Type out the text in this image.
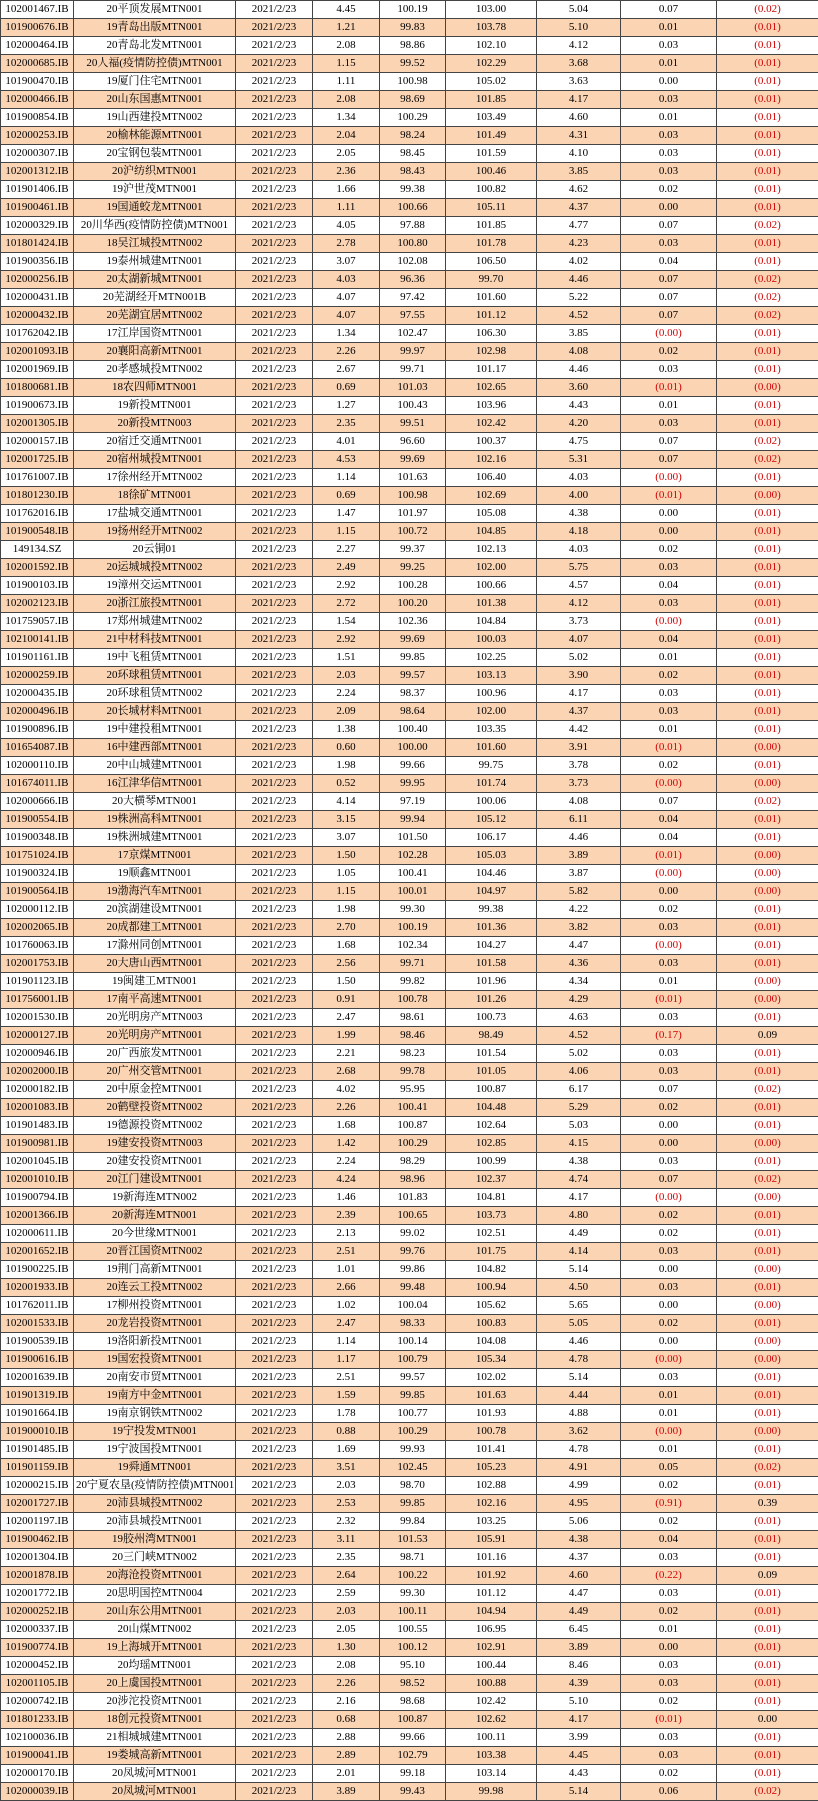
102001467.IB	20平顶发展MTN001	2021/2/23	4.45	100.19	103.00	5.04	0.07	(0.02)
101900676.IB	19青岛出版MTN001	2021/2/23	1.21	99.83	103.78	5.10	0.01	(0.01)
102000464.IB	20青岛北发MTN001	2021/2/23	2.08	98.86	102.10	4.12	0.03	(0.01)
102000685.IB	20人福(疫情防控债)MTN001	2021/2/23	1.15	99.52	102.29	3.68	0.01	(0.01)
101900470.IB	19厦门住宅MTN001	2021/2/23	1.11	100.98	105.02	3.63	0.00	(0.01)
102000466.IB	20山东国惠MTN001	2021/2/23	2.08	98.69	101.85	4.17	0.03	(0.01)
101900854.IB	19山西建投MTN002	2021/2/23	1.34	100.29	103.49	4.60	0.01	(0.01)
102000253.IB	20榆林能源MTN001	2021/2/23	2.04	98.24	101.49	4.31	0.03	(0.01)
102000307.IB	20宝钢包装MTN001	2021/2/23	2.05	98.45	101.59	4.10	0.03	(0.01)
102001312.IB	20沪纺织MTN001	2021/2/23	2.36	98.43	100.46	3.85	0.03	(0.01)
101901406.IB	19沪世茂MTN001	2021/2/23	1.66	99.38	100.82	4.62	0.02	(0.01)
101900461.IB	19国通蛟龙MTN001	2021/2/23	1.11	100.66	105.11	4.37	0.00	(0.01)
102000329.IB	20川华西(疫情防控债)MTN001	2021/2/23	4.05	97.88	101.85	4.77	0.07	(0.02)
101801424.IB	18吴江城投MTN002	2021/2/23	2.78	100.80	101.78	4.23	0.03	(0.01)
101900356.IB	19泰州城建MTN001	2021/2/23	3.07	102.08	106.50	4.02	0.04	(0.01)
102000256.IB	20太湖新城MTN001	2021/2/23	4.03	96.36	99.70	4.46	0.07	(0.02)
102000431.IB	20芜湖经开MTN001B	2021/2/23	4.07	97.42	101.60	5.22	0.07	(0.02)
102000432.IB	20芜湖宜居MTN002	2021/2/23	4.07	97.55	101.12	4.52	0.07	(0.02)
101762042.IB	17江岸国资MTN001	2021/2/23	1.34	102.47	106.30	3.85	(0.00)	(0.01)
102001093.IB	20襄阳高新MTN001	2021/2/23	2.26	99.97	102.98	4.08	0.02	(0.01)
102001969.IB	20孝感城投MTN002	2021/2/23	2.67	99.71	101.17	4.46	0.03	(0.01)
101800681.IB	18农四师MTN001	2021/2/23	0.69	101.03	102.65	3.60	(0.01)	(0.00)
101900673.IB	19新投MTN001	2021/2/23	1.27	100.43	103.96	4.43	0.01	(0.01)
102001305.IB	20新投MTN003	2021/2/23	2.35	99.51	102.42	4.20	0.03	(0.01)
102000157.IB	20宿迁交通MTN001	2021/2/23	4.01	96.60	100.37	4.75	0.07	(0.02)
102001725.IB	20宿州城投MTN001	2021/2/23	4.53	99.69	102.16	5.31	0.07	(0.02)
101761007.IB	17徐州经开MTN002	2021/2/23	1.14	101.63	106.40	4.03	(0.00)	(0.01)
101801230.IB	18徐矿MTN001	2021/2/23	0.69	100.98	102.69	4.00	(0.01)	(0.00)
101762016.IB	17盐城交通MTN001	2021/2/23	1.47	101.97	105.08	4.38	0.00	(0.01)
101900548.IB	19扬州经开MTN002	2021/2/23	1.15	100.72	104.85	4.18	0.00	(0.01)
149134.SZ	20云铜01	2021/2/23	2.27	99.37	102.13	4.03	0.02	(0.01)
102001592.IB	20运城城投MTN002	2021/2/23	2.49	99.25	102.00	5.75	0.03	(0.01)
101900103.IB	19漳州交运MTN001	2021/2/23	2.92	100.28	100.66	4.57	0.04	(0.01)
102002123.IB	20浙江旅投MTN001	2021/2/23	2.72	100.20	101.38	4.12	0.03	(0.01)
101759057.IB	17郑州城建MTN002	2021/2/23	1.54	102.36	104.84	3.73	(0.00)	(0.01)
102100141.IB	21中材科技MTN001	2021/2/23	2.92	99.69	100.03	4.07	0.04	(0.01)
101901161.IB	19中飞租赁MTN001	2021/2/23	1.51	99.85	102.25	5.02	0.01	(0.01)
102000259.IB	20环球租赁MTN001	2021/2/23	2.03	99.57	103.13	3.90	0.02	(0.01)
102000435.IB	20环球租赁MTN002	2021/2/23	2.24	98.37	100.96	4.17	0.03	(0.01)
102000496.IB	20长城材料MTN001	2021/2/23	2.09	98.64	102.00	4.37	0.03	(0.01)
101900896.IB	19中建投租MTN001	2021/2/23	1.38	100.40	103.35	4.42	0.01	(0.01)
101654087.IB	16中建西部MTN001	2021/2/23	0.60	100.00	101.60	3.91	(0.01)	(0.00)
102000110.IB	20中山城建MTN001	2021/2/23	1.98	99.66	99.75	3.78	0.02	(0.01)
101674011.IB	16江津华信MTN001	2021/2/23	0.52	99.95	101.74	3.73	(0.00)	(0.00)
102000666.IB	20大横琴MTN001	2021/2/23	4.14	97.19	100.06	4.08	0.07	(0.02)
101900554.IB	19株洲高科MTN001	2021/2/23	3.15	99.94	105.12	6.11	0.04	(0.01)
101900348.IB	19株洲城建MTN001	2021/2/23	3.07	101.50	106.17	4.46	0.04	(0.01)
101751024.IB	17京煤MTN001	2021/2/23	1.50	102.28	105.03	3.89	(0.01)	(0.00)
101900324.IB	19顺鑫MTN001	2021/2/23	1.05	100.41	104.46	3.87	(0.00)	(0.00)
101900564.IB	19渤海汽车MTN001	2021/2/23	1.15	100.01	104.97	5.82	0.00	(0.00)
102000112.IB	20滨湖建设MTN001	2021/2/23	1.98	99.30	99.38	4.22	0.02	(0.01)
102002065.IB	20成都建工MTN001	2021/2/23	2.70	100.19	101.36	3.82	0.03	(0.01)
101760063.IB	17滁州同创MTN001	2021/2/23	1.68	102.34	104.27	4.47	(0.00)	(0.01)
102001753.IB	20大唐山西MTN001	2021/2/23	2.56	99.71	101.58	4.36	0.03	(0.01)
101901123.IB	19闽建工MTN001	2021/2/23	1.50	99.82	101.96	4.34	0.01	(0.00)
101756001.IB	17南平高速MTN001	2021/2/23	0.91	100.78	101.26	4.29	(0.01)	(0.00)
102001530.IB	20光明房产MTN003	2021/2/23	2.47	98.61	100.73	4.63	0.03	(0.01)
102000127.IB	20光明房产MTN001	2021/2/23	1.99	98.46	98.49	4.52	(0.17)	0.09
102000946.IB	20广西旅发MTN001	2021/2/23	2.21	98.23	101.54	5.02	0.03	(0.01)
102002000.IB	20广州交管MTN001	2021/2/23	2.68	99.78	101.05	4.06	0.03	(0.01)
102000182.IB	20中原金控MTN001	2021/2/23	4.02	95.95	100.87	6.17	0.07	(0.02)
102001083.IB	20鹤壁投资MTN002	2021/2/23	2.26	100.41	104.48	5.29	0.02	(0.01)
101901483.IB	19德源投资MTN002	2021/2/23	1.68	100.87	102.64	5.03	0.00	(0.01)
101900981.IB	19建安投资MTN003	2021/2/23	1.42	100.29	102.85	4.15	0.00	(0.00)
102001045.IB	20建安投资MTN001	2021/2/23	2.24	98.29	100.99	4.38	0.03	(0.01)
102001010.IB	20江门建设MTN001	2021/2/23	4.24	98.96	102.37	4.74	0.07	(0.02)
101900794.IB	19新海连MTN002	2021/2/23	1.46	101.83	104.81	4.17	(0.00)	(0.00)
102001366.IB	20新海连MTN001	2021/2/23	2.39	100.65	103.73	4.80	0.02	(0.01)
102000611.IB	20今世缘MTN001	2021/2/23	2.13	99.02	102.51	4.49	0.02	(0.01)
102001652.IB	20晋江国资MTN002	2021/2/23	2.51	99.76	101.75	4.14	0.03	(0.01)
101900225.IB	19荆门高新MTN001	2021/2/23	1.01	99.86	104.82	5.14	0.00	(0.00)
102001933.IB	20连云工投MTN002	2021/2/23	2.66	99.48	100.94	4.50	0.03	(0.01)
101762011.IB	17柳州投资MTN001	2021/2/23	1.02	100.04	105.62	5.65	0.00	(0.00)
102001533.IB	20龙岩投资MTN001	2021/2/23	2.47	98.33	100.83	5.05	0.02	(0.01)
101900539.IB	19洛阳新投MTN001	2021/2/23	1.14	100.14	104.08	4.46	0.00	(0.00)
101900616.IB	19国宏投资MTN001	2021/2/23	1.17	100.79	105.34	4.78	(0.00)	(0.00)
102001639.IB	20南安市贸MTN001	2021/2/23	2.51	99.57	102.02	5.14	0.03	(0.01)
101901319.IB	19南方中金MTN001	2021/2/23	1.59	99.85	101.63	4.44	0.01	(0.01)
101901664.IB	19南京钢铁MTN002	2021/2/23	1.78	100.77	101.93	4.88	0.01	(0.01)
101900010.IB	19宁投发MTN001	2021/2/23	0.88	100.29	100.78	3.62	(0.00)	(0.00)
101901485.IB	19宁波国投MTN001	2021/2/23	1.69	99.93	101.41	4.78	0.01	(0.01)
101901159.IB	19舜通MTN001	2021/2/23	3.51	102.45	105.23	4.91	0.05	(0.02)
102000215.IB	20宁夏农垦(疫情防控债)MTN001	2021/2/23	2.03	98.70	102.88	4.99	0.02	(0.01)
102001727.IB	20沛县城投MTN002	2021/2/23	2.53	99.85	102.16	4.95	(0.91)	0.39
102001197.IB	20沛县城投MTN001	2021/2/23	2.32	99.84	103.25	5.06	0.02	(0.01)
101900462.IB	19胶州湾MTN001	2021/2/23	3.11	101.53	105.91	4.38	0.04	(0.01)
102001304.IB	20三门峡MTN002	2021/2/23	2.35	98.71	101.16	4.37	0.03	(0.01)
102001878.IB	20海沧投资MTN001	2021/2/23	2.64	100.22	101.92	4.60	(0.22)	0.09
102001772.IB	20思明国控MTN004	2021/2/23	2.59	99.30	101.12	4.47	0.03	(0.01)
102000252.IB	20山东公用MTN001	2021/2/23	2.03	100.11	104.94	4.49	0.02	(0.01)
102000337.IB	20山煤MTN002	2021/2/23	2.05	100.55	106.95	6.45	0.01	(0.01)
101900774.IB	19上海城开MTN001	2021/2/23	1.30	100.12	102.91	3.89	0.00	(0.01)
102000452.IB	20均瑶MTN001	2021/2/23	2.08	95.10	100.44	8.46	0.03	(0.01)
102001105.IB	20上虞国投MTN001	2021/2/23	2.26	98.52	100.88	4.39	0.03	(0.01)
102000742.IB	20涉沱投资MTN001	2021/2/23	2.16	98.68	102.42	5.10	0.02	(0.01)
101801233.IB	18创元投资MTN001	2021/2/23	0.68	100.87	102.62	4.17	(0.01)	0.00
102100036.IB	21相城城建MTN001	2021/2/23	2.88	99.66	100.11	3.99	0.03	(0.01)
101900041.IB	19娄城高新MTN001	2021/2/23	2.89	102.79	103.38	4.45	0.03	(0.01)
102000170.IB	20凤城河MTN001	2021/2/23	2.01	99.18	103.14	4.43	0.02	(0.01)
102000039.IB	20凤城河MTN001	2021/2/23	3.89	99.43	99.98	5.14	0.06	(0.02)
